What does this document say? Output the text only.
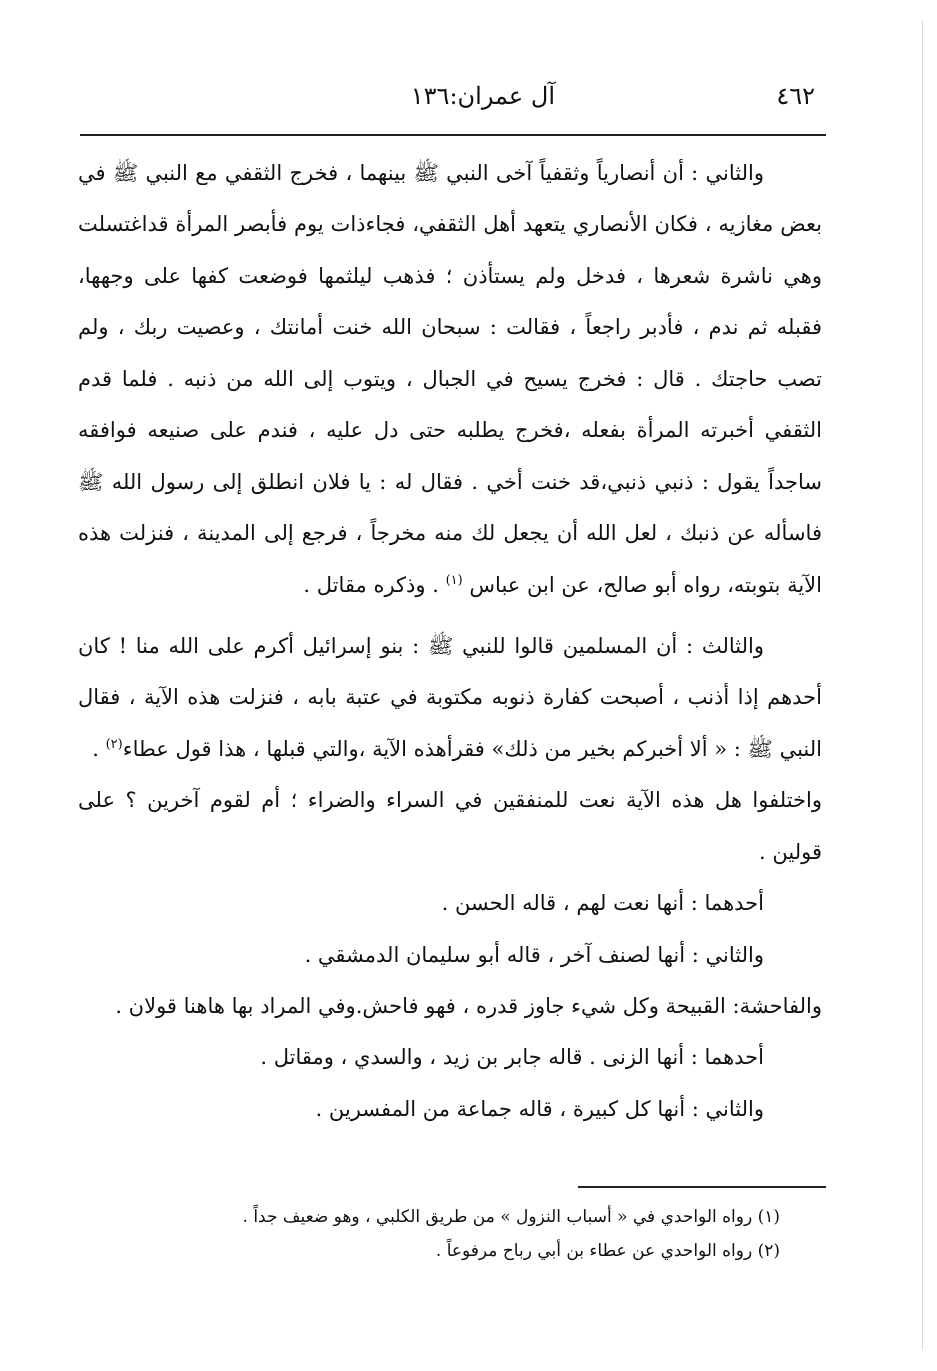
٤٦٢
آل عمران:١٣٦

والثاني : أن أنصارياً وثقفياً آخى النبي ﷺ بينهما ، فخرج الثقفي مع النبي ﷺ في بعض مغازيه ، فكان الأنصاري يتعهد أهل الثقفي، فجاءذات يوم فأبصر المرأة قداغتسلت وهي ناشرة شعرها ، فدخل ولم يستأذن ؛ فذهب ليلثمها فوضعت كفها على وجهها، فقبله ثم ندم ، فأدبر راجعاً ، فقالت : سبحان الله خنت أمانتك ، وعصيت ربك ، ولم تصب حاجتك . قال : فخرج يسيح في الجبال ، ويتوب إلى الله من ذنبه . فلما قدم الثقفي أخبرته المرأة بفعله ،فخرج يطلبه حتى دل عليه ، فندم على صنيعه فوافقه ساجداً يقول : ذنبي ذنبي،قد خنت أخي . فقال له : يا فلان انطلق إلى رسول الله ﷺ فاسأله عن ذنبك ، لعل الله أن يجعل لك منه مخرجاً ، فرجع إلى المدينة ، فنزلت هذه الآية بتوبته، رواه أبو صالح، عن ابن عباس $^{(١)}$ . وذكره مقاتل .

والثالث : أن المسلمين قالوا للنبي ﷺ : بنو إسرائيل أكرم على الله منا ! كان أحدهم إذا أذنب ، أصبحت كفارة ذنوبه مكتوبة في عتبة بابه ، فنزلت هذه الآية ، فقال النبي ﷺ : « ألا أخبركم بخير من ذلك» فقرأهذه الآية ،والتي قبلها ، هذا قول عطاء$^{(٢)}$ .

واختلفوا هل هذه الآية نعت للمنفقين في السراء والضراء ؛ أم لقوم آخرين ؟ على قولين .

أحدهما : أنها نعت لهم ، قاله الحسن .

والثاني : أنها لصنف آخر ، قاله أبو سليمان الدمشقي .

والفاحشة: القبيحة وكل شيء جاوز قدره ، فهو فاحش.وفي المراد بها هاهنا قولان .

أحدهما : أنها الزنى . قاله جابر بن زيد ، والسدي ، ومقاتل .

والثاني : أنها كل كبيرة ، قاله جماعة من المفسرين .

(١) رواه الواحدي في « أسباب النزول » من طريق الكلبي ، وهو ضعيف جداً .

(٢) رواه الواحدي عن عطاء بن أبي رباح مرفوعاً .
